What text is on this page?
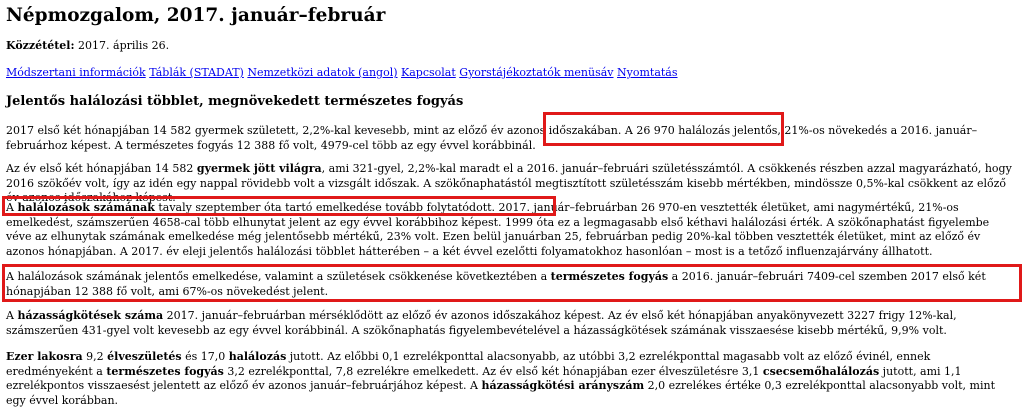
Népmozgalom, 2017. január–február
Közzététel: 2017. április 26.
Módszertani információk Táblák (STADAT) Nemzetközi adatok (angol) Kapcsolat Gyorstájékoztatók menüsáv Nyomtatás
Jelentős halálozási többlet, megnövekedett természetes fogyás

2017 első két hónapjában 14 582 gyermek született, 2,2%-kal kevesebb, mint az előző év azonos időszakában. A 26 970 halálozás jelentős, 21%-os növekedés a 2016. január–februárhoz képest. A természetes fogyás 12 388 fő volt, 4979-cel több az egy évvel korábbinál.

Az év első két hónapjában 14 582 gyermek jött világra, ami 321-gyel, 2,2%-kal maradt el a 2016. január–februári születésszámtól. A csökkenés részben azzal magyarázható, hogy 2016 szökőév volt, így az idén egy nappal rövidebb volt a vizsgált időszak. A szökőnaphatástól megtisztított születésszám kisebb mértékben, mindössze 0,5%-kal csökkent az előző év azonos időszakához képest.

A halálozások számának tavaly szeptember óta tartó emelkedése tovább folytatódott. 2017. január–februárban 26 970-en vesztették életüket, ami nagymértékű, 21%-os emelkedést, számszerűen 4658-cal több elhunytat jelent az egy évvel korábbihoz képest. 1999 óta ez a legmagasabb első kéthavi halálozási érték. A szökőnaphatást figyelembe véve az elhunytak számának emelkedése még jelentősebb mértékű, 23% volt. Ezen belül januárban 25, februárban pedig 20%-kal többen vesztették életüket, mint az előző év azonos hónapjában. A 2017. év eleji jelentős halálozási többlet hátterében – a két évvel ezelőtti folyamatokhoz hasonlóan – most is a tetőző influenzajárvány állhatott.

A halálozások számának jelentős emelkedése, valamint a születések csökkenése következtében a természetes fogyás a 2016. január–februári 7409-cel szemben 2017 első két hónapjában 12 388 fő volt, ami 67%-os növekedést jelent.

A házasságkötések száma 2017. január–februárban mérséklődött az előző év azonos időszakához képest. Az év első két hónapjában anyakönyvezett 3227 frigy 12%-kal, számszerűen 431-gyel volt kevesebb az egy évvel korábbinál. A szökőnaphatás figyelembevételével a házasságkötések számának visszaesése kisebb mértékű, 9,9% volt.

Ezer lakosra 9,2 élveszületés és 17,0 halálozás jutott. Az előbbi 0,1 ezrelékponttal alacsonyabb, az utóbbi 3,2 ezrelékponttal magasabb volt az előző évinél, ennek eredményeként a természetes fogyás 3,2 ezrelékponttal, 7,8 ezrelékre emelkedett. Az év első két hónapjában ezer élveszületésre 3,1 csecsemőhalálozás jutott, ami 1,1 ezrelékpontos visszaesést jelentett az előző év azonos január–februárjához képest. A házasságkötési arányszám 2,0 ezrelékes értéke 0,3 ezrelékponttal alacsonyabb volt, mint egy évvel korábban.
